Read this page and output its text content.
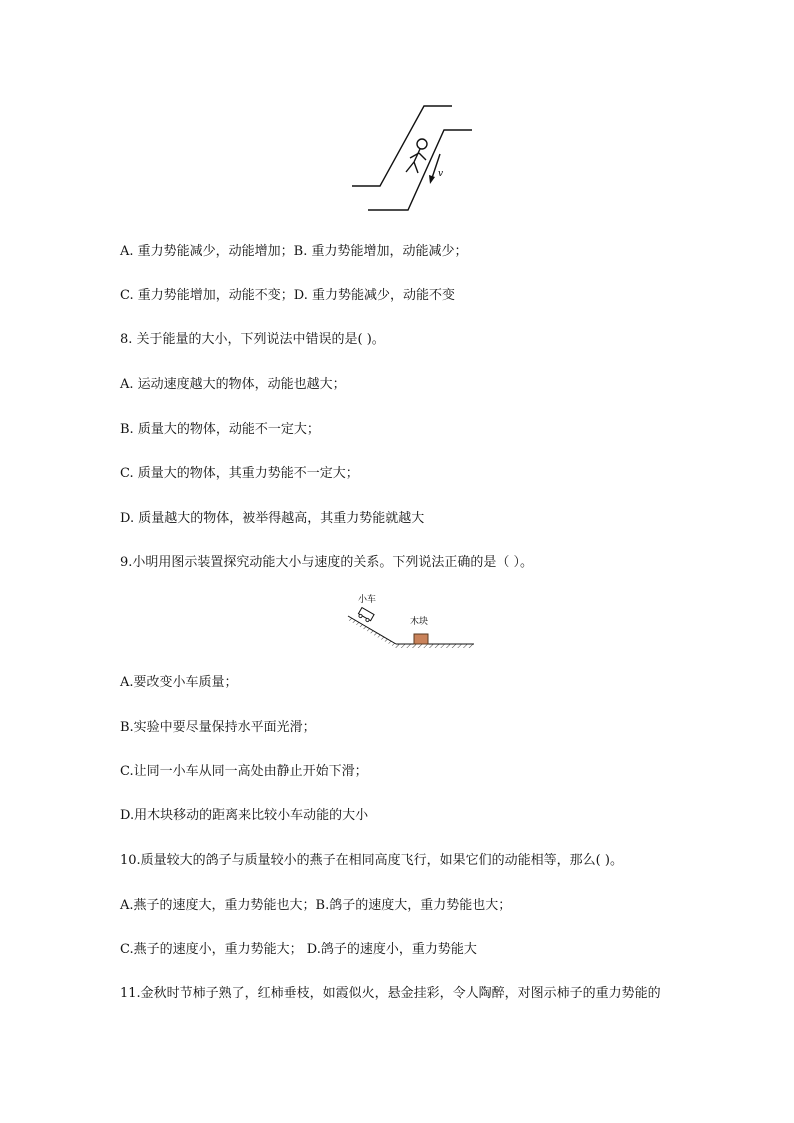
v
A. 重力势能减少，动能增加；B. 重力势能增加，动能减少；
C. 重力势能增加，动能不变；D. 重力势能减少，动能不变
8. 关于能量的大小，下列说法中错误的是( )。
A. 运动速度越大的物体，动能也越大；
B. 质量大的物体，动能不一定大；
C. 质量大的物体，其重力势能不一定大；
D. 质量越大的物体，被举得越高，其重力势能就越大
9.小明用图示装置探究动能大小与速度的关系。下列说法正确的是（ ）。
小车
木块
A.要改变小车质量；
B.实验中要尽量保持水平面光滑；
C.让同一小车从同一高处由静止开始下滑；
D.用木块移动的距离来比较小车动能的大小
10.质量较大的鸽子与质量较小的燕子在相同高度飞行，如果它们的动能相等，那么( )。
A.燕子的速度大，重力势能也大；B.鸽子的速度大，重力势能也大；
C.燕子的速度小，重力势能大； D.鸽子的速度小，重力势能大
11.金秋时节柿子熟了，红柿垂枝，如霞似火，悬金挂彩，令人陶醉，对图示柿子的重力势能的
